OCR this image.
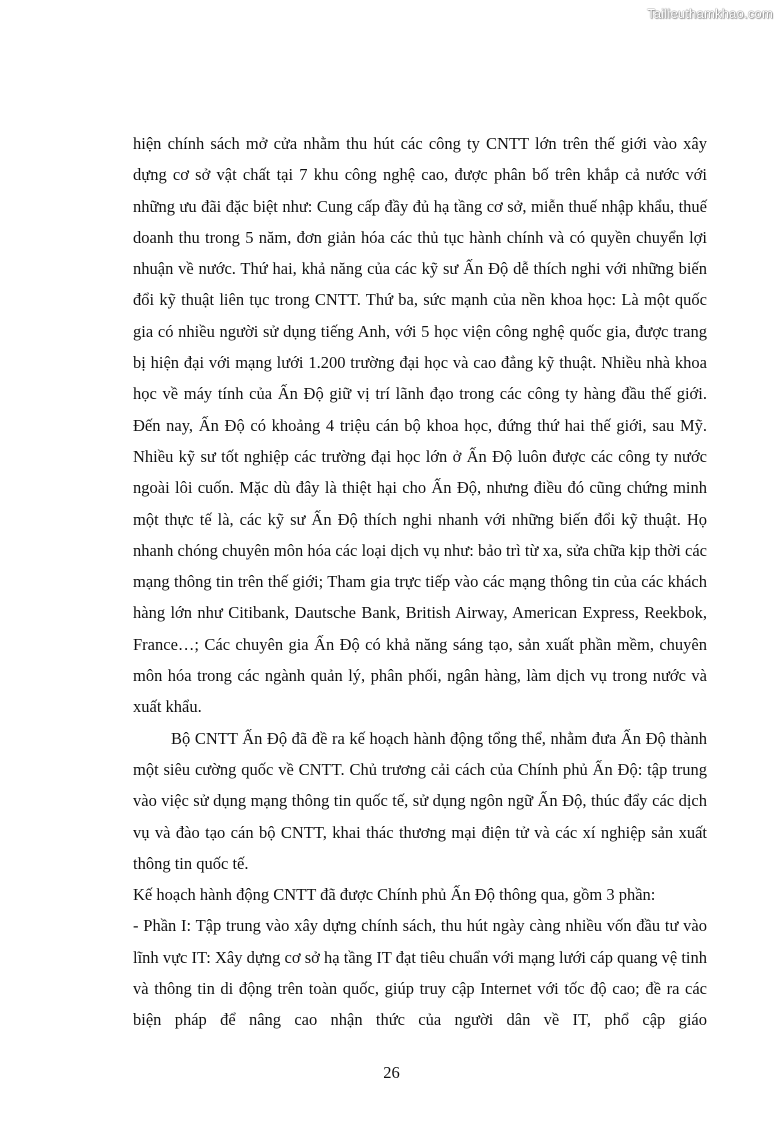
Tailieuthamkhao.com

hiện chính sách mở cửa nhằm thu hút các công ty CNTT lớn trên thế giới vào xây dựng cơ sở vật chất tại 7 khu công nghệ cao, được phân bố trên khắp cả nước với những ưu đãi đặc biệt như: Cung cấp đầy đủ hạ tầng cơ sở, miễn thuế nhập khẩu, thuế doanh thu trong 5 năm, đơn giản hóa các thủ tục hành chính và có quyền chuyển lợi nhuận về nước. Thứ hai, khả năng của các kỹ sư Ấn Độ dễ thích nghi với những biến đổi kỹ thuật liên tục trong CNTT. Thứ ba, sức mạnh của nền khoa học: Là một quốc gia có nhiều người sử dụng tiếng Anh, với 5 học viện công nghệ quốc gia, được trang bị hiện đại với mạng lưới 1.200 trường đại học và cao đẳng kỹ thuật. Nhiều nhà khoa học về máy tính của Ấn Độ giữ vị trí lãnh đạo trong các công ty hàng đầu thế giới. Đến nay, Ấn Độ có khoảng 4 triệu cán bộ khoa học, đứng thứ hai thế giới, sau Mỹ. Nhiều kỹ sư tốt nghiệp các trường đại học lớn ở Ấn Độ luôn được các công ty nước ngoài lôi cuốn. Mặc dù đây là thiệt hại cho Ấn Độ, nhưng điều đó cũng chứng minh một thực tế là, các kỹ sư Ấn Độ thích nghi nhanh với những biến đổi kỹ thuật. Họ nhanh chóng chuyên môn hóa các loại dịch vụ như: bảo trì từ xa, sửa chữa kịp thời các mạng thông tin trên thế giới; Tham gia trực tiếp vào các mạng thông tin của các khách hàng lớn như Citibank, Dautsche Bank, British Airway, American Express, Reekbok, France…; Các chuyên gia Ấn Độ có khả năng sáng tạo, sản xuất phần mềm, chuyên môn hóa trong các ngành quản lý, phân phối, ngân hàng, làm dịch vụ trong nước và xuất khẩu.

Bộ CNTT Ấn Độ đã đề ra kế hoạch hành động tổng thể, nhằm đưa Ấn Độ thành một siêu cường quốc về CNTT. Chủ trương cải cách của Chính phủ Ấn Độ: tập trung vào việc sử dụng mạng thông tin quốc tế, sử dụng ngôn ngữ Ấn Độ, thúc đẩy các dịch vụ và đào tạo cán bộ CNTT, khai thác thương mại điện tử và các xí nghiệp sản xuất thông tin quốc tế.

Kế hoạch hành động CNTT đã được Chính phủ Ấn Độ thông qua, gồm 3 phần:

- Phần I: Tập trung vào xây dựng chính sách, thu hút ngày càng nhiều vốn đầu tư vào lĩnh vực IT: Xây dựng cơ sở hạ tầng IT đạt tiêu chuẩn với mạng lưới cáp quang vệ tinh và thông tin di động trên toàn quốc, giúp truy cập Internet với tốc độ cao; đề ra các biện pháp để nâng cao nhận thức của người dân về IT, phổ cập giáo

26
